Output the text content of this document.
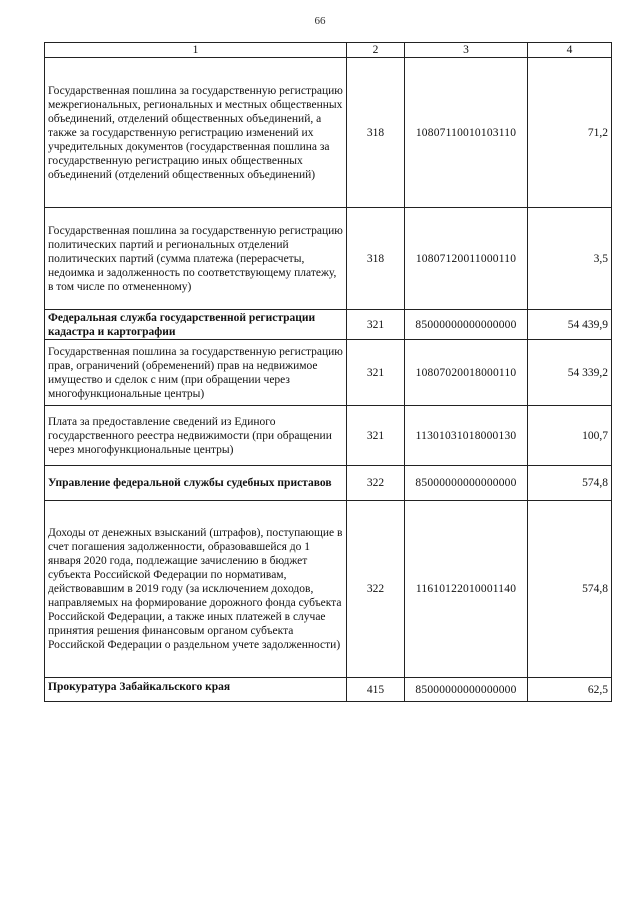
66
1	2	3	4
Государственная пошлина за государственную регистрацию межрегиональных, региональных и местных общественных объединений, отделений общественных объединений, а также за государственную регистрацию изменений их учредительных документов (государственная пошлина за государственную регистрацию иных общественных объединений (отделений общественных объединений)	318	10807110010103110	71,2
Государственная пошлина за государственную регистрацию политических партий и региональных отделений политических партий (сумма платежа (перерасчеты, недоимка и задолженность по соответствующему платежу, в том числе по отмененному)	318	10807120011000110	3,5
Федеральная служба государственной регистрации кадастра и картографии	321	85000000000000000	54 439,9
Государственная пошлина за государственную регистрацию прав, ограничений (обременений) прав на недвижимое имущество и сделок с ним (при обращении через многофункциональные центры)	321	10807020018000110	54 339,2
Плата за предоставление сведений из Единого государственного реестра недвижимости (при обращении через многофункциональные центры)	321	11301031018000130	100,7
Управление федеральной службы судебных приставов	322	85000000000000000	574,8
Доходы от денежных взысканий (штрафов), поступающие в счет погашения задолженности, образовавшейся до 1 января 2020 года, подлежащие зачислению в бюджет субъекта Российской Федерации по нормативам, действовавшим в 2019 году (за исключением доходов, направляемых на формирование дорожного фонда субъекта Российской Федерации, а также иных платежей в случае принятия решения финансовым органом субъекта Российской Федерации о раздельном учете задолженности)	322	11610122010001140	574,8
Прокуратура Забайкальского края	415	85000000000000000	62,5
